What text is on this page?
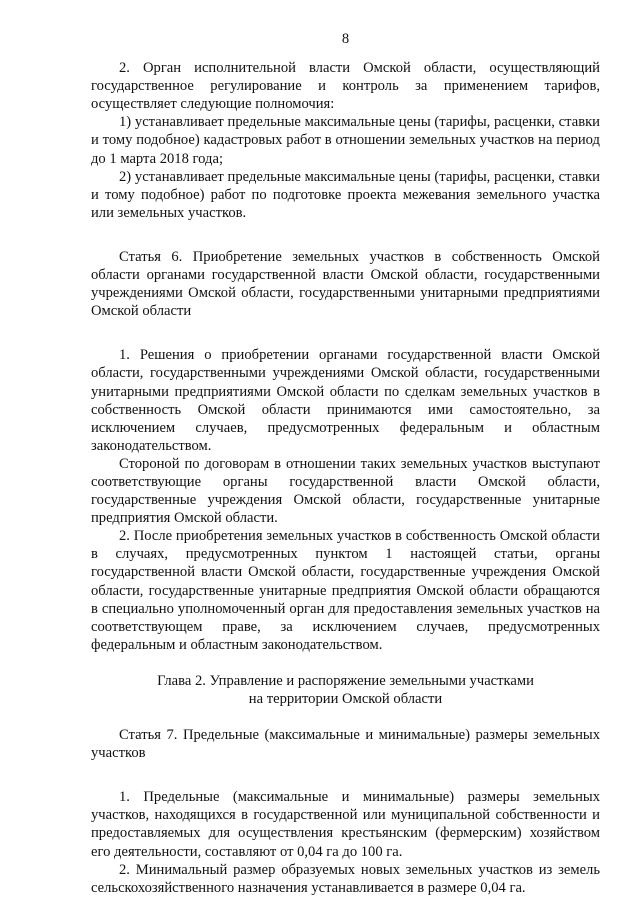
8

2. Орган исполнительной власти Омской области, осуществляющий государственное регулирование и контроль за применением тарифов, осуществляет следующие полномочия:

1) устанавливает предельные максимальные цены (тарифы, расценки, ставки и тому подобное) кадастровых работ в отношении земельных участков на период до 1 марта 2018 года;

2) устанавливает предельные максимальные цены (тарифы, расценки, ставки и тому подобное) работ по подготовке проекта межевания земельного участка или земельных участков.

Статья 6. Приобретение земельных участков в собственность Омской области органами государственной власти Омской области, государственными учреждениями Омской области, государственными унитарными предприятиями Омской области

1. Решения о приобретении органами государственной власти Омской области, государственными учреждениями Омской области, государственными унитарными предприятиями Омской области по сделкам земельных участков в собственность Омской области принимаются ими самостоятельно, за исключением случаев, предусмотренных федеральным и областным законодательством.

Стороной по договорам в отношении таких земельных участков выступают соответствующие органы государственной власти Омской области, государственные учреждения Омской области, государственные унитарные предприятия Омской области.

2. После приобретения земельных участков в собственность Омской области в случаях, предусмотренных пунктом 1 настоящей статьи, органы государственной власти Омской области, государственные учреждения Омской области, государственные унитарные предприятия Омской области обращаются в специально уполномоченный орган для предоставления земельных участков на соответствующем праве, за исключением случаев, предусмотренных федеральным и областным законодательством.

Глава 2. Управление и распоряжение земельными участками

на территории Омской области

Статья 7. Предельные (максимальные и минимальные) размеры земельных участков

1. Предельные (максимальные и минимальные) размеры земельных участков, находящихся в государственной или муниципальной собственности и предоставляемых для осуществления крестьянским (фермерским) хозяйством его деятельности, составляют от 0,04 га до 100 га.

2. Минимальный размер образуемых новых земельных участков из земель сельскохозяйственного назначения устанавливается в размере 0,04 га.
